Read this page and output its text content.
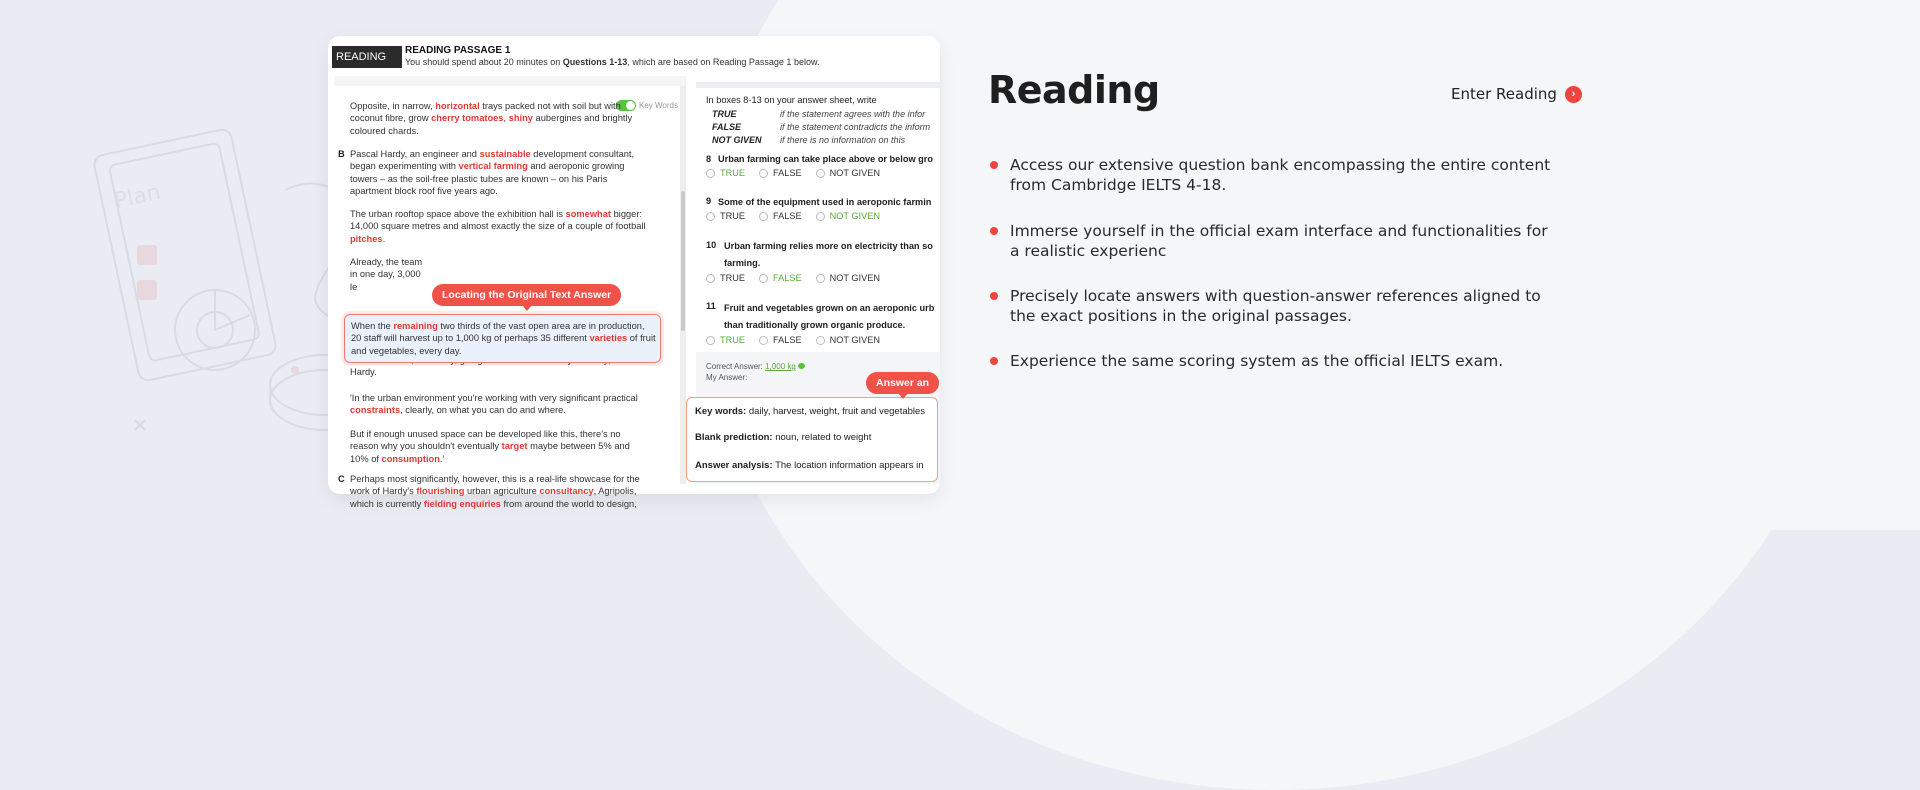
Plan
READING
READING PASSAGE 1
You should spend about 20 minutes on Questions 1-13, which are based on Reading Passage 1 below.
Key Words
Opposite, in narrow, horizontal trays packed not with soil but with coconut fibre, grow cherry tomatoes, shiny aubergines and brightly coloured chards.
B Pascal Hardy, an engineer and sustainable development consultant, began experimenting with vertical farming and aeroponic growing towers – as the soil-free plastic tubes are known – on his Paris apartment block roof five years ago.
The urban rooftop space above the exhibition hall is somewhat bigger: 14,000 square metres and almost exactly the size of a couple of football pitches.
Already, the team in one day, 3,000 le
Hardy.
'In the urban environment you're working with very significant practical constraints, clearly, on what you can do and where.
But if enough unused space can be developed like this, there's no reason why you shouldn't eventually target maybe between 5% and 10% of consumption.'
C Perhaps most significantly, however, this is a real-life showcase for the work of Hardy's flourishing urban agriculture consultancy, Agripolis, which is currently fielding enquiries from around the world to design,
When the remaining two thirds of the vast open area are in production, 20 staff will harvest up to 1,000 kg of perhaps 35 different varieties of fruit and vegetables, every day.
Locating the Original Text Answer
In boxes 8-13 on your answer sheet, write
TRUE	if the statement agrees with the infor
FALSE	if the statement contradicts the inform
NOT GIVEN if there is no information on this
8 Urban farming can take place above or below gro
TRUE	FALSE	NOT GIVEN
9 Some of the equipment used in aeroponic farmin
TRUE	FALSE	NOT GIVEN
10 Urban farming relies more on electricity than so
farming.
TRUE	FALSE	NOT GIVEN
11 Fruit and vegetables grown on an aeroponic urb
than traditionally grown organic produce.
TRUE	FALSE	NOT GIVEN
Correct Answer: 1,000 kg
My Answer:
Key words: daily, harvest, weight, fruit and vegetables
Blank prediction: noun, related to weight
Answer analysis: The location information appears in
Answer an
Reading	Enter Reading	›
Access our extensive question bank encompassing the entire content from Cambridge IELTS 4-18.
Immerse yourself in the official exam interface and functionalities for a realistic experienc
Precisely locate answers with question-answer references aligned to the exact positions in the original passages.
Experience the same scoring system as the official IELTS exam.
